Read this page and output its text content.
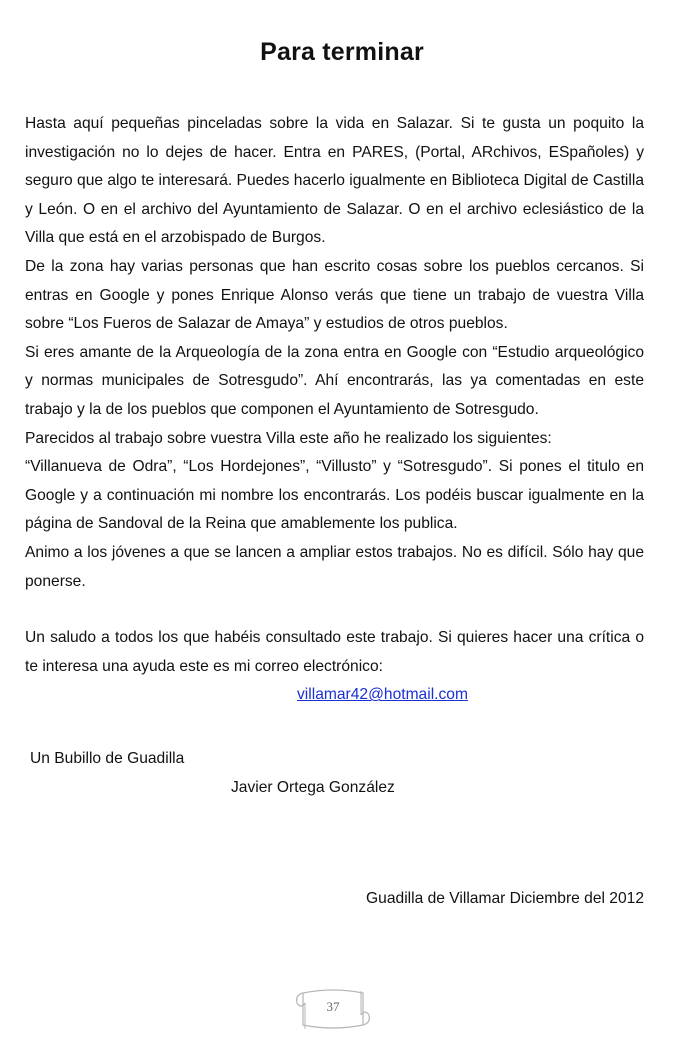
Para terminar

Hasta aquí pequeñas pinceladas sobre la vida en Salazar. Si te gusta un poquito la investigación no lo dejes de hacer. Entra en PARES, (Portal, ARchivos, ESpañoles) y seguro que algo te interesará. Puedes hacerlo igualmente en Biblioteca Digital de Castilla y León. O en el archivo del Ayuntamiento de Salazar. O en el archivo eclesiástico de la Villa que está en el arzobispado de Burgos.

De la zona hay varias personas que han escrito cosas sobre los pueblos cercanos. Si entras en Google y pones Enrique Alonso verás que tiene un trabajo de vuestra Villa sobre “Los Fueros de Salazar de Amaya” y estudios de otros pueblos.

Si eres amante de la Arqueología de la zona entra en Google con “Estudio arqueológico y normas municipales de Sotresgudo”. Ahí encontrarás, las ya comentadas en este trabajo y la de los pueblos que componen el Ayuntamiento de Sotresgudo.

Parecidos al trabajo sobre vuestra Villa este año he realizado los siguientes:

“Villanueva de Odra”, “Los Hordejones”, “Villusto” y “Sotresgudo”. Si pones el titulo en Google y a continuación mi nombre los encontrarás. Los podéis buscar igualmente en la página de Sandoval de la Reina que amablemente los publica.

Animo a los jóvenes a que se lancen a ampliar estos trabajos. No es difícil. Sólo hay que ponerse.

Un saludo a todos los que habéis consultado este trabajo. Si quieres hacer una crítica o te interesa una ayuda este es mi correo electrónico:

villamar42@hotmail.com

Un Bubillo de Guadilla
Javier Ortega González
Guadilla de Villamar Diciembre del 2012
37
